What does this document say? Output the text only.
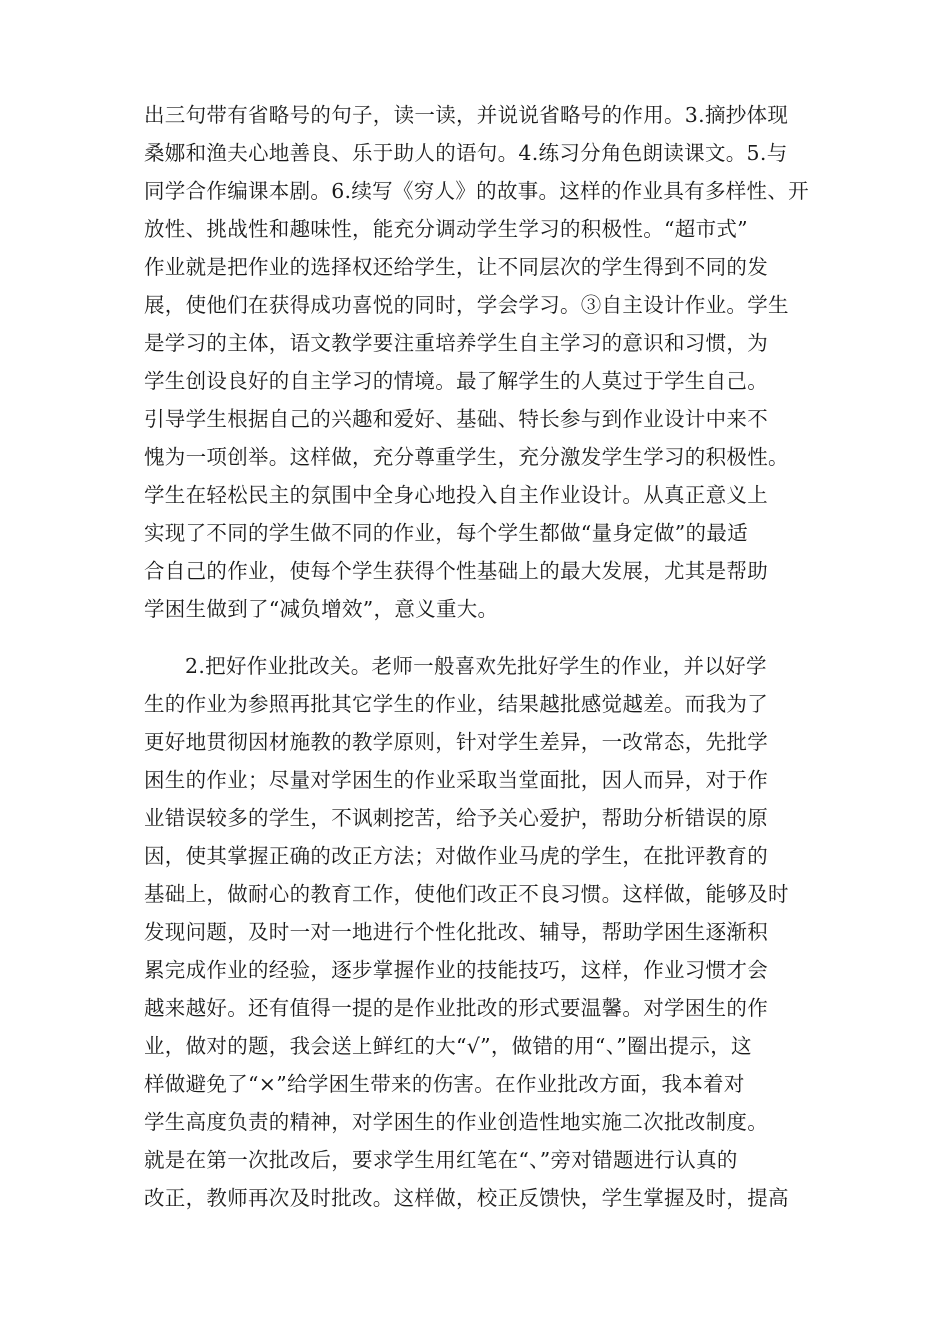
出三句带有省略号的句子，读一读，并说说省略号的作用。3.摘抄体现
桑娜和渔夫心地善良、乐于助人的语句。4.练习分角色朗读课文。5.与
同学合作编课本剧。6.续写《穷人》的故事。这样的作业具有多样性、开
放性、挑战性和趣味性，能充分调动学生学习的积极性。“超市式”
作业就是把作业的选择权还给学生，让不同层次的学生得到不同的发
展，使他们在获得成功喜悦的同时，学会学习。③自主设计作业。学生
是学习的主体，语文教学要注重培养学生自主学习的意识和习惯，为
学生创设良好的自主学习的情境。最了解学生的人莫过于学生自己。
引导学生根据自己的兴趣和爱好、基础、特长参与到作业设计中来不
愧为一项创举。这样做，充分尊重学生，充分激发学生学习的积极性。
学生在轻松民主的氛围中全身心地投入自主作业设计。从真正意义上
实现了不同的学生做不同的作业，每个学生都做“量身定做”的最适
合自己的作业，使每个学生获得个性基础上的最大发展，尤其是帮助
学困生做到了“减负增效”，意义重大。
2.把好作业批改关。老师一般喜欢先批好学生的作业，并以好学
生的作业为参照再批其它学生的作业，结果越批感觉越差。而我为了
更好地贯彻因材施教的教学原则，针对学生差异，一改常态，先批学
困生的作业；尽量对学困生的作业采取当堂面批，因人而异，对于作
业错误较多的学生，不讽刺挖苦，给予关心爱护，帮助分析错误的原
因，使其掌握正确的改正方法；对做作业马虎的学生，在批评教育的
基础上，做耐心的教育工作，使他们改正不良习惯。这样做，能够及时
发现问题，及时一对一地进行个性化批改、辅导，帮助学困生逐渐积
累完成作业的经验，逐步掌握作业的技能技巧，这样，作业习惯才会
越来越好。还有值得一提的是作业批改的形式要温馨。对学困生的作
业，做对的题，我会送上鲜红的大“√”，做错的用“、”圈出提示，这
样做避免了“×”给学困生带来的伤害。在作业批改方面，我本着对
学生高度负责的精神，对学困生的作业创造性地实施二次批改制度。
就是在第一次批改后，要求学生用红笔在“、”旁对错题进行认真的
改正，教师再次及时批改。这样做，校正反馈快，学生掌握及时，提高
